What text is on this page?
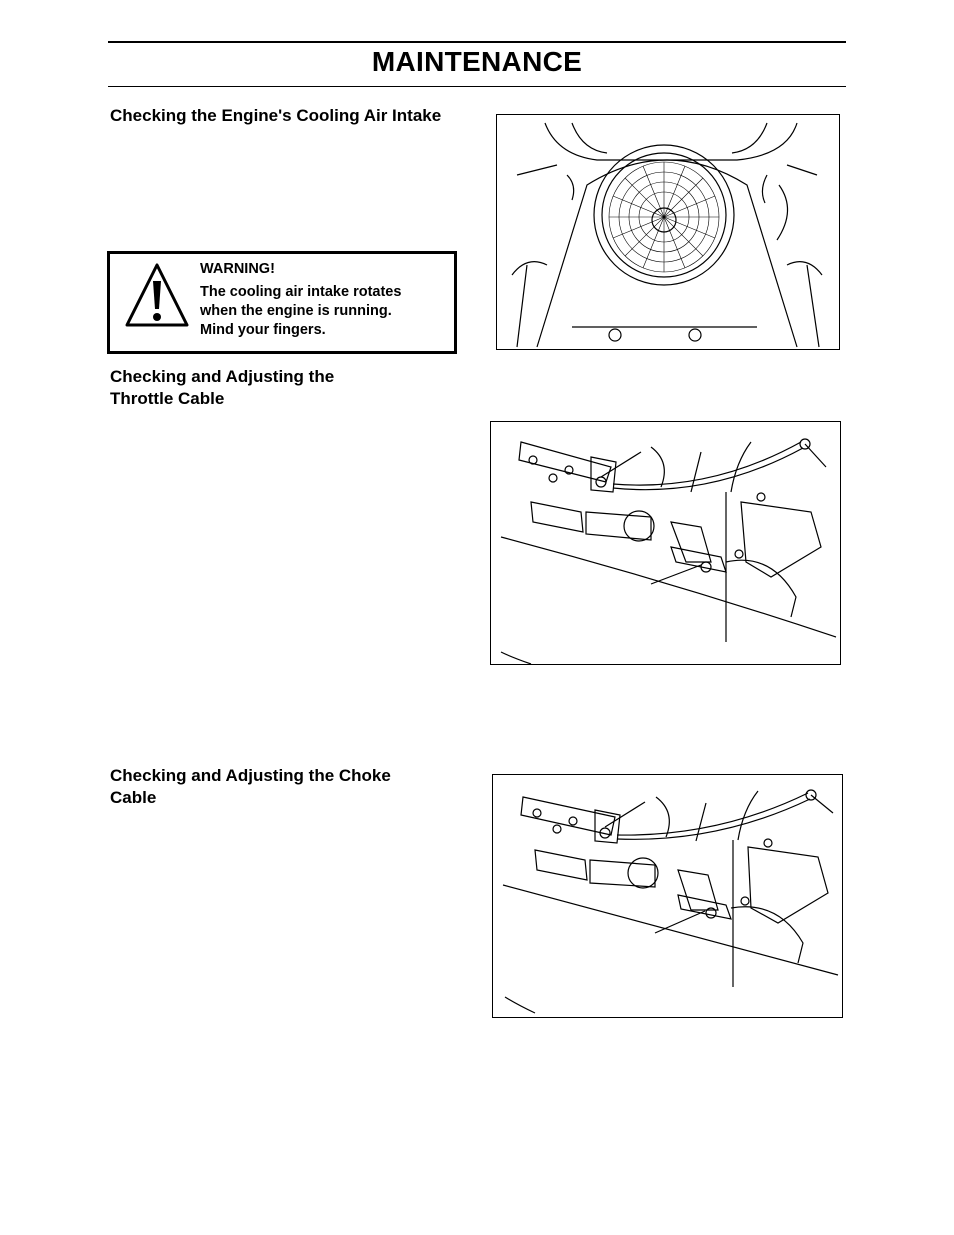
MAINTENANCE
Checking the Engine's Cooling Air Intake
WARNING!
The cooling air intake rotates
when the engine is running.
Mind your fingers.
Checking and Adjusting the
Throttle Cable
Checking and Adjusting the Choke
Cable
